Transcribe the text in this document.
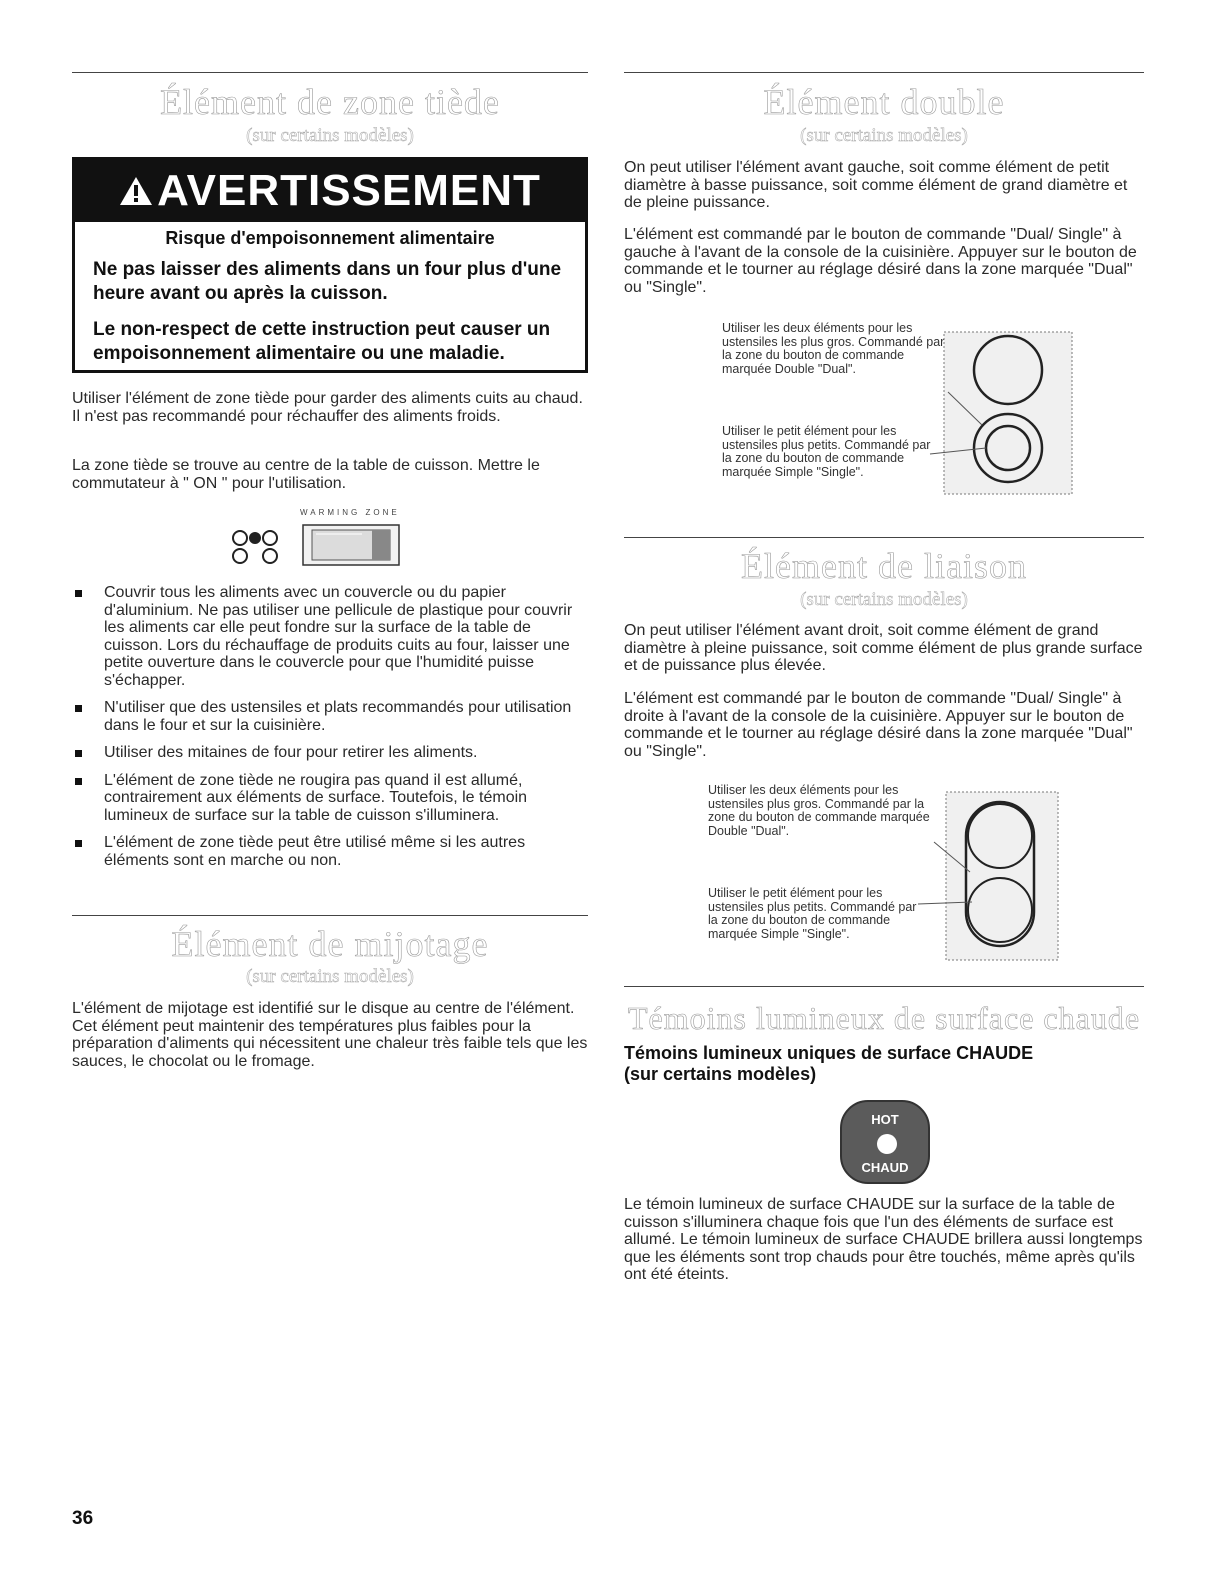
Élément de zone tiède
(sur certains modèles)
AVERTISSEMENT
Risque d'empoisonnement alimentaire
Ne pas laisser des aliments dans un four plus d'une heure avant ou après la cuisson.
Le non-respect de cette instruction peut causer un empoisonnement alimentaire ou une maladie.
Utiliser l'élément de zone tiède pour garder des aliments cuits au chaud. Il n'est pas recommandé pour réchauffer des aliments froids.
La zone tiède se trouve au centre de la table de cuisson. Mettre le commutateur à " ON " pour l'utilisation.
WARMING ZONE
Couvrir tous les aliments avec un couvercle ou du papier d'aluminium. Ne pas utiliser une pellicule de plastique pour couvrir les aliments car elle peut fondre sur la surface de la table de cuisson. Lors du réchauffage de produits cuits au four, laisser une petite ouverture dans le couvercle pour que l'humidité puisse s'échapper.
N'utiliser que des ustensiles et plats recommandés pour utilisation dans le four et sur la cuisinière.
Utiliser des mitaines de four pour retirer les aliments.
L'élément de zone tiède ne rougira pas quand il est allumé, contrairement aux éléments de surface. Toutefois, le témoin lumineux de surface sur la table de cuisson s'illuminera.
L'élément de zone tiède peut être utilisé même si les autres éléments sont en marche ou non.
Élément de mijotage
(sur certains modèles)
L'élément de mijotage est identifié sur le disque au centre de l'élément. Cet élément peut maintenir des températures plus faibles pour la préparation d'aliments qui nécessitent une chaleur très faible tels que les sauces, le chocolat ou le fromage.
36
Élément double
(sur certains modèles)
On peut utiliser l'élément avant gauche, soit comme élément de petit diamètre à basse puissance, soit comme élément de grand diamètre et de pleine puissance.
L'élément est commandé par le bouton de commande "Dual/ Single" à gauche à l'avant de la console de la cuisinière. Appuyer sur le bouton de commande et le tourner au réglage désiré dans la zone marquée "Dual" ou "Single".
Utiliser les deux éléments pour les ustensiles les plus gros. Commandé par la zone du bouton de commande marquée Double "Dual".
Utiliser le petit élément pour les ustensiles plus petits. Commandé par la zone du bouton de commande marquée Simple "Single".
Élément de liaison
(sur certains modèles)
On peut utiliser l'élément avant droit, soit comme élément de grand diamètre à pleine puissance, soit comme élément de plus grande surface et de puissance plus élevée.
L'élément est commandé par le bouton de commande "Dual/ Single" à droite à l'avant de la console de la cuisinière. Appuyer sur le bouton de commande et le tourner au réglage désiré dans la zone marquée "Dual" ou "Single".
Utiliser les deux éléments pour les ustensiles plus gros. Commandé par la zone du bouton de commande marquée Double "Dual".
Utiliser le petit élément pour les ustensiles plus petits. Commandé par la zone du bouton de commande marquée Simple "Single".
Témoins lumineux de surface chaude
Témoins lumineux uniques de surface CHAUDE (sur certains modèles)
HOT
CHAUD
Le témoin lumineux de surface CHAUDE sur la surface de la table de cuisson s'illuminera chaque fois que l'un des éléments de surface est allumé. Le témoin lumineux de surface CHAUDE brillera aussi longtemps que les éléments sont trop chauds pour être touchés, même après qu'ils ont été éteints.
